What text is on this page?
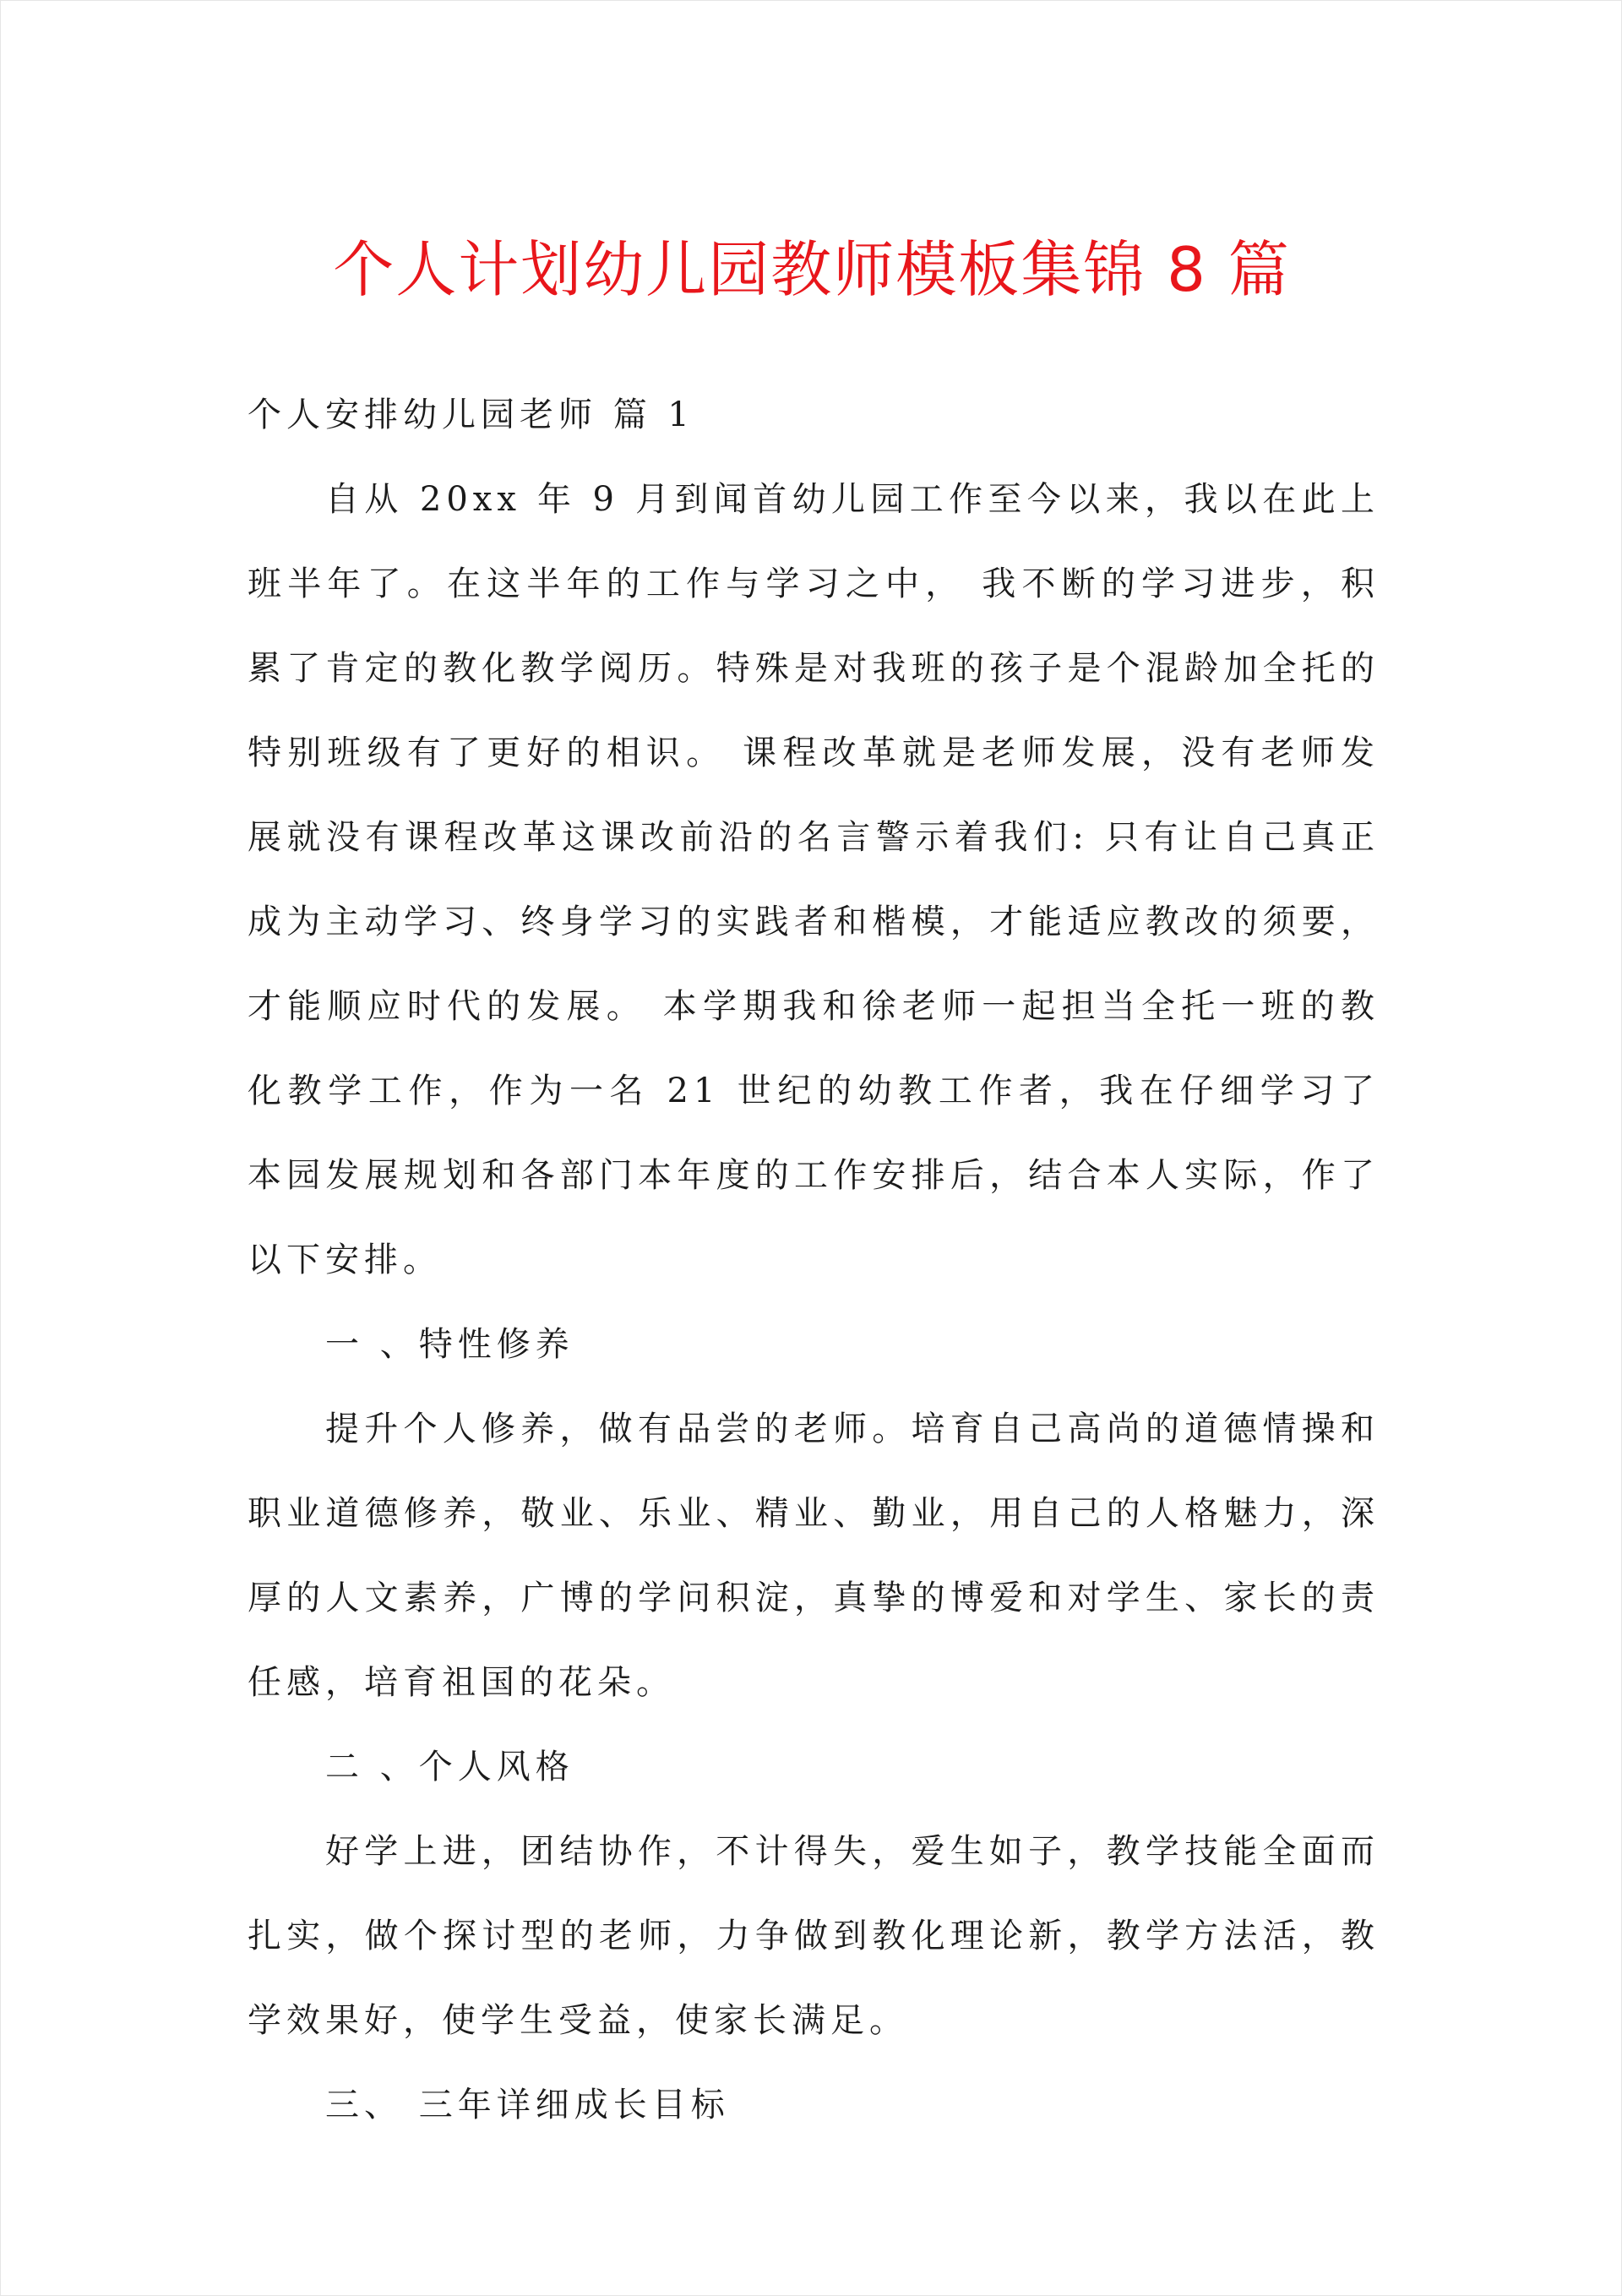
个人计划幼儿园教师模板集锦 8 篇

个人安排幼儿园老师 篇 1

自从 20xx 年 9 月到闻首幼儿园工作至今以来，我以在此上班半年了。在这半年的工作与学习之中， 我不断的学习进步，积累了肯定的教化教学阅历。特殊是对我班的孩子是个混龄加全托的特别班级有了更好的相识。 课程改革就是老师发展，没有老师发展就没有课程改革这课改前沿的名言警示着我们: 只有让自己真正成为主动学习、终身学习的实践者和楷模，才能适应教改的须要，才能顺应时代的发展。 本学期我和徐老师一起担当全托一班的教化教学工作，作为一名 21 世纪的幼教工作者，我在仔细学习了本园发展规划和各部门本年度的工作安排后，结合本人实际，作了以下安排。

一 、特性修养

提升个人修养，做有品尝的老师。培育自己高尚的道德情操和职业道德修养，敬业、乐业、精业、勤业，用自己的人格魅力，深厚的人文素养，广博的学问积淀，真挚的博爱和对学生、家长的责任感，培育祖国的花朵。

二 、个人风格

好学上进，团结协作，不计得失，爱生如子，教学技能全面而扎实，做个探讨型的老师，力争做到教化理论新，教学方法活，教学效果好，使学生受益，使家长满足。

三、 三年详细成长目标
